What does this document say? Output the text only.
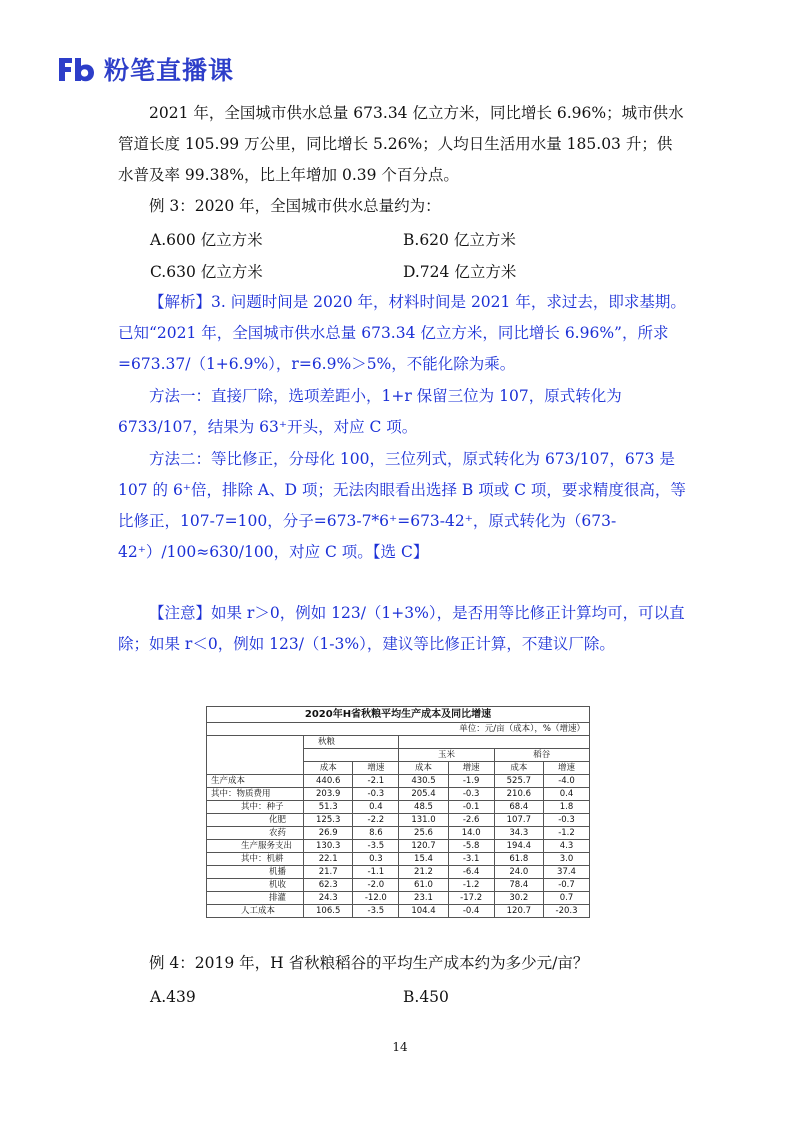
粉笔直播课
2021 年，全国城市供水总量 673.34 亿立方米，同比增长 6.96%；城市供水管道长度 105.99 万公里，同比增长 5.26%；人均日生活用水量 185.03 升；供水普及率 99.38%，比上年增加 0.39 个百分点。
例 3：2020 年，全国城市供水总量约为：
A.600 亿立方米	B.620 亿立方米
C.630 亿立方米	D.724 亿立方米
【解析】3. 问题时间是 2020 年，材料时间是 2021 年，求过去，即求基期。已知“2021 年，全国城市供水总量 673.34 亿立方米，同比增长 6.96%”，所求=673.37/（1+6.9%），r=6.9%＞5%，不能化除为乘。
方法一：直接厂除，选项差距小，1+r 保留三位为 107，原式转化为 6733/107，结果为 63⁺开头，对应 C 项。
方法二：等比修正，分母化 100，三位列式，原式转化为 673/107，673 是 107 的 6⁺倍，排除 A、D 项；无法肉眼看出选择 B 项或 C 项，要求精度很高，等比修正，107-7=100，分子=673-7*6⁺=673-42⁺，原式转化为（673-42⁺）/100≈630/100，对应 C 项。【选 C】
【注意】如果 r＞0，例如 123/（1+3%），是否用等比修正计算均可，可以直除；如果 r＜0，例如 123/（1-3%），建议等比修正计算，不建议厂除。
2020年H省秋粮平均生产成本及同比增速						
单位：元/亩（成本），%（增速）						
	秋粮					
			玉米		稻谷	
	成本	增速	成本	增速	成本	增速
生产成本	440.6	-2.1	430.5	-1.9	525.7	-4.0
其中：物质费用	203.9	-0.3	205.4	-0.3	210.6	0.4
其中：种子	51.3	0.4	48.5	-0.1	68.4	1.8
化肥	125.3	-2.2	131.0	-2.6	107.7	-0.3
农药	26.9	8.6	25.6	14.0	34.3	-1.2
生产服务支出	130.3	-3.5	120.7	-5.8	194.4	4.3
其中：机耕	22.1	0.3	15.4	-3.1	61.8	3.0
机播	21.7	-1.1	21.2	-6.4	24.0	37.4
机收	62.3	-2.0	61.0	-1.2	78.4	-0.7
排灌	24.3	-12.0	23.1	-17.2	30.2	0.7
人工成本	106.5	-3.5	104.4	-0.4	120.7	-20.3
例 4：2019 年，H 省秋粮稻谷的平均生产成本约为多少元/亩？
A.439	B.450
14
